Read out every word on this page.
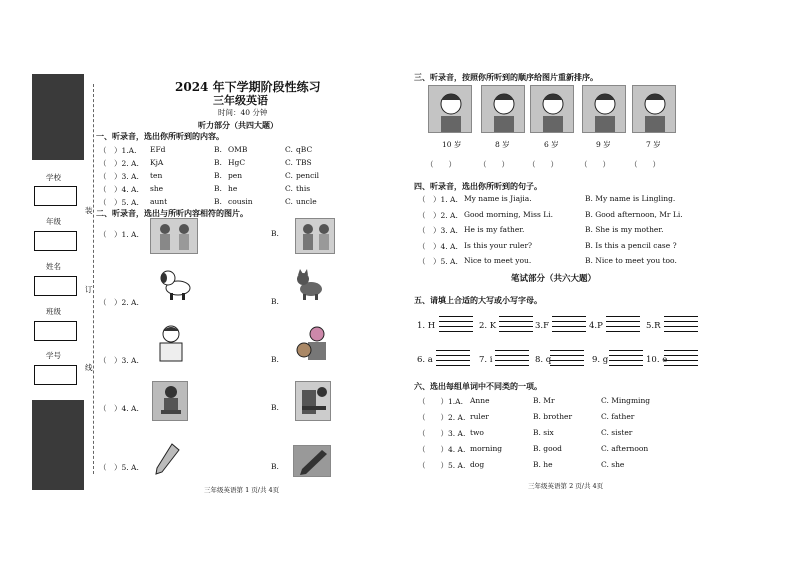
学校
年级
姓名
班级
学号
装
订
线
2024 年下学期阶段性练习
三年级英语
时间：40 分钟
听力部分（共四大题）
一、听录音，选出你所听到的内容。
（　）1.A. EFd	B. OMB	C. qBC
（　）2. A. KjA	B. HgC	C. TBS
（　）3. A. ten	B. pen	C. pencil
（　）4. A. she	B. he	C. this
（　）5. A. aunt	B. cousin	C. uncle
二、听录音，选出与所听内容相符的图片。
（　）1. A.	B.
（　）2. A.	B.
（　）3. A.	B.
（　）4. A.	B.
（　）5. A.	B.
三年级英语第 1 页/共 4页
三、听录音，按照你所听到的顺序给图片重新排序。
10 岁
（　　）
8 岁
（　　）
6 岁
（　　）
9 岁
（　　）
7 岁
（　　）
四、听录音，选出你所听到的句子。
（　）1. A. My name is Jiajia.	B. My name is Lingling.
（　）2. A. Good morning, Miss Li.	B. Good afternoon, Mr Li.
（　）3. A. He is my father.	B. She is my mother.
（　）4. A. Is this your ruler?	B. Is this a pencil case ?
（　）5. A. Nice to meet you.	B. Nice to meet you too.
笔试部分（共六大题）
五、请填上合适的大写或小写字母。
1. H	2. K	3.F	4.P	5.R
6. a	7. i	8. q	9. g	10. e
六、选出每组单词中不同类的一项。
（　　）1.A. Anne	B. Mr	C. Mingming
（　　）2. A. ruler	B. brother	C. father
（　　）3. A. two	B. six	C. sister
（　　）4. A. morning	B. good	C. afternoon
（　　）5. A. dog	B. he	C. she
三年级英语第 2 页/共 4页
